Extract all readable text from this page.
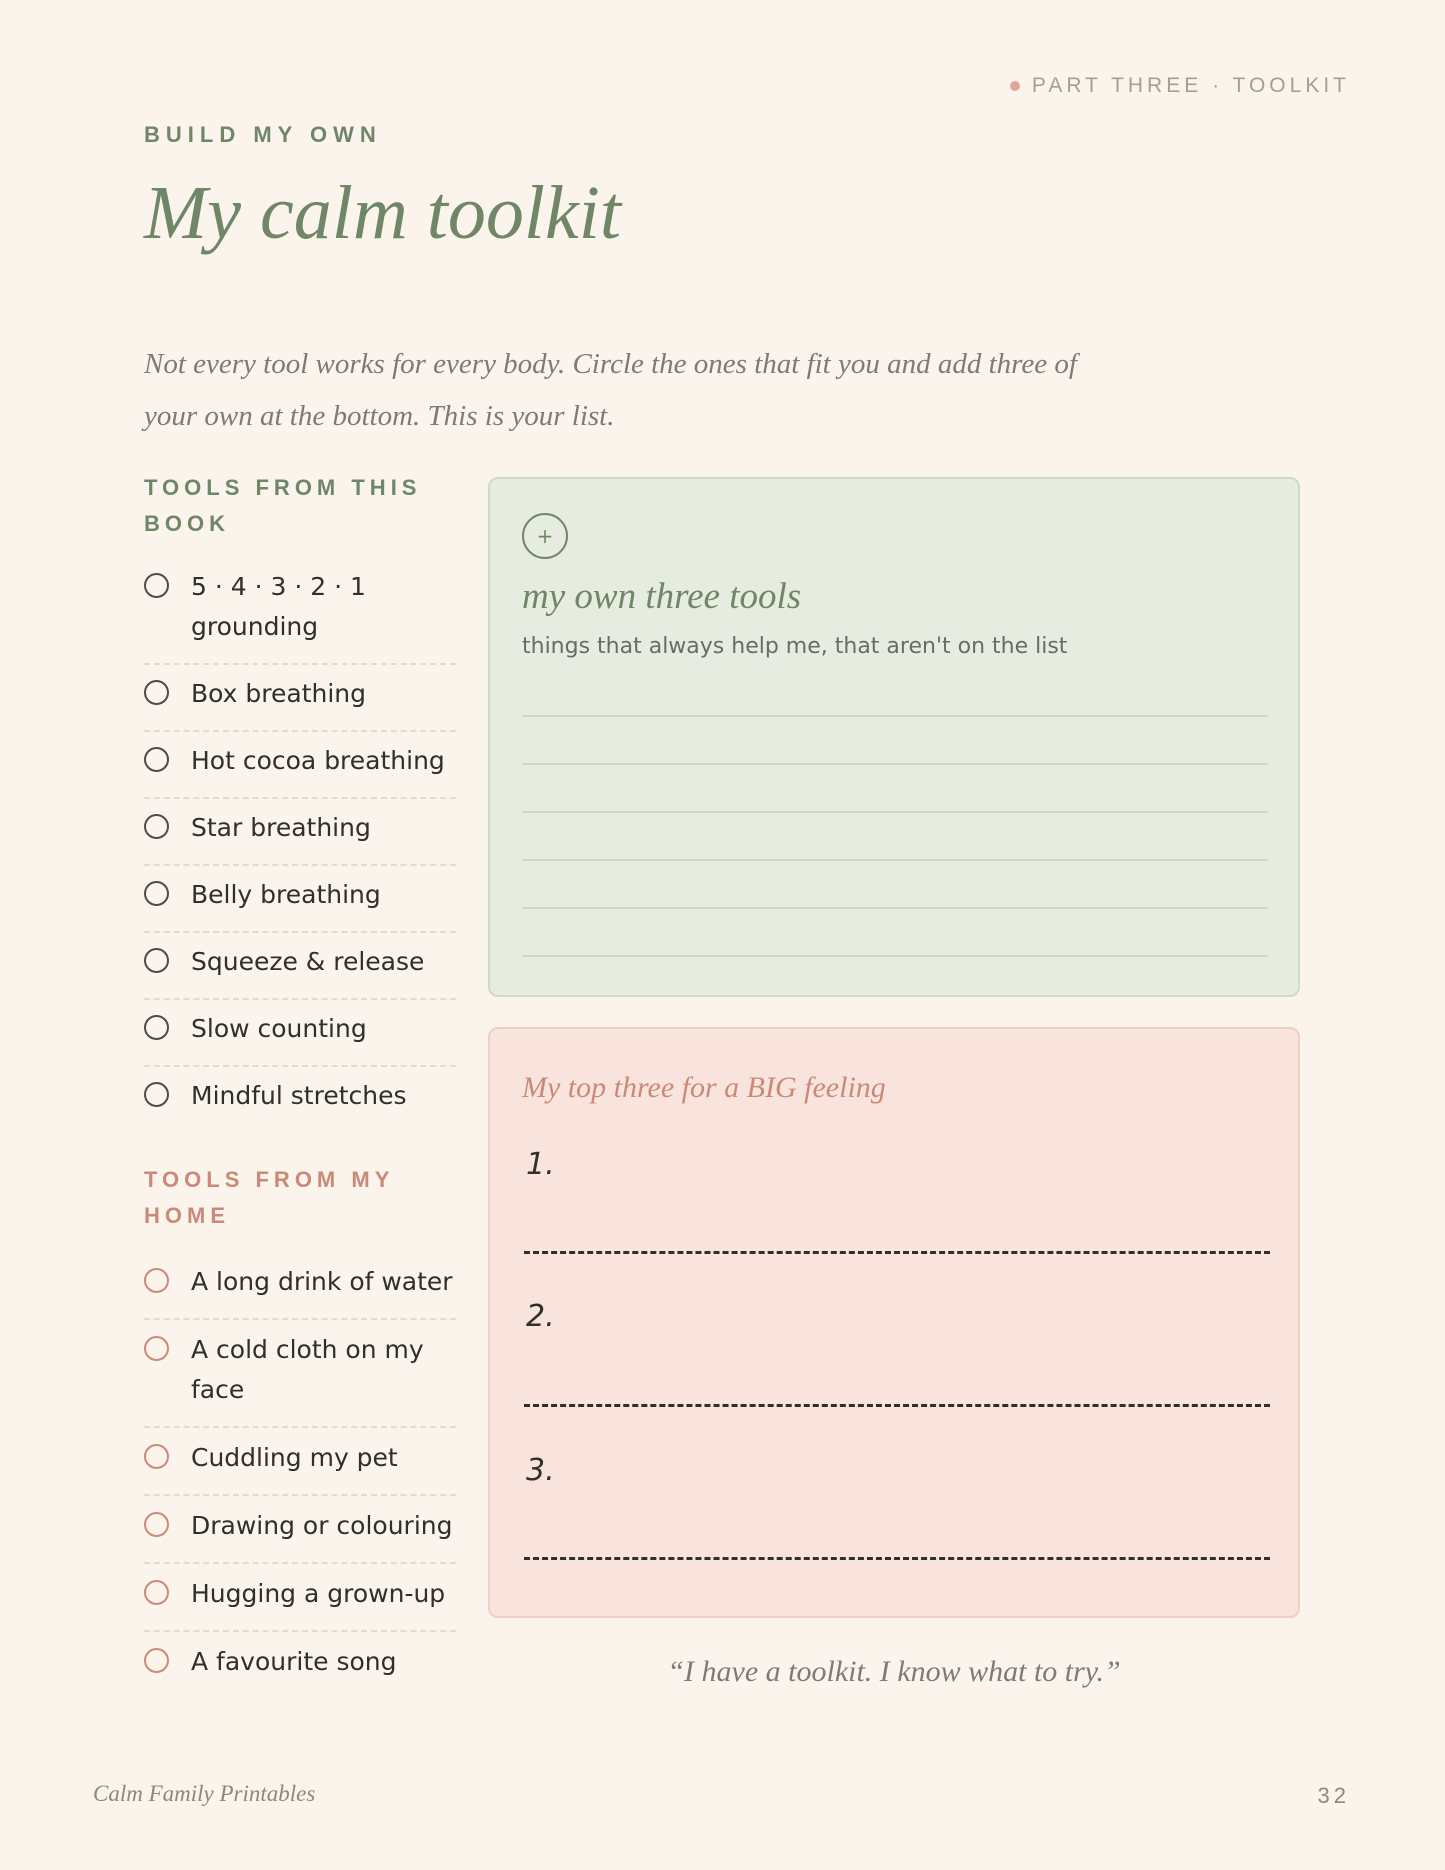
PART THREE · TOOLKIT
BUILD MY OWN
My calm toolkit
Not every tool works for every body. Circle the ones that fit you and add three of your own at the bottom. This is your list.
TOOLS FROM THIS BOOK
5 · 4 · 3 · 2 · 1 grounding
Box breathing
Hot cocoa breathing
Star breathing
Belly breathing
Squeeze & release
Slow counting
Mindful stretches
TOOLS FROM MY HOME
A long drink of water
A cold cloth on my face
Cuddling my pet
Drawing or colouring
Hugging a grown-up
A favourite song
+
my own three tools
things that always help me, that aren't on the list
My top three for a BIG feeling
1.
2.
3.
“I have a toolkit. I know what to try.”
Calm Family Printables	32
